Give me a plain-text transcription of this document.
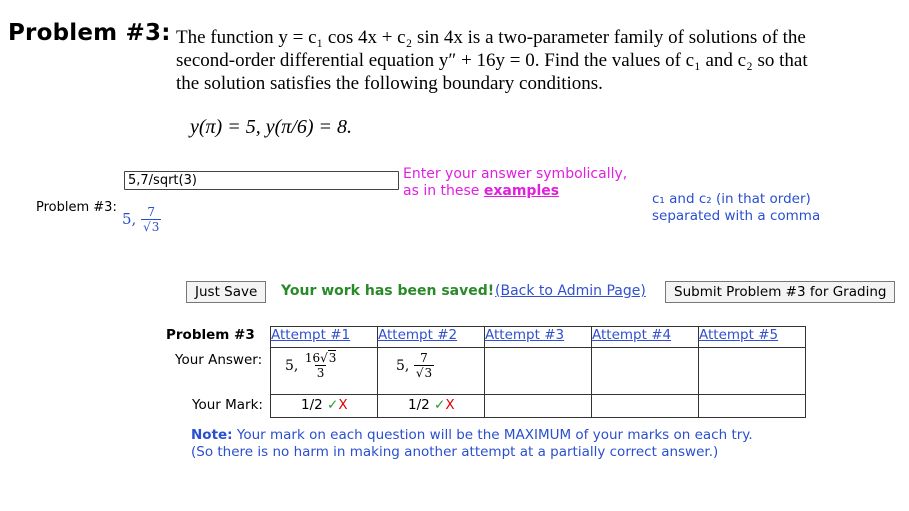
Problem #3: The function y = c₁ cos 4x + c₂ sin 4x is a two-parameter family of solutions of the

second-order differential equation y″ + 16y = 0. Find the values of c₁ and c₂ so that

the solution satisfies the following boundary conditions.

y(π) = 5, y(π/6) = 8.
Problem #3:
5,7/sqrt(3)
Enter your answer symbolically,
as in these examples	c₁ and c₂ (in that order)
separated with a comma
5, $\frac{7}{√3}$
Just Save	Your work has been saved! (Back to Admin Page)	Submit Problem #3 for Grading
Problem #3	Attempt #1	Attempt #2	Attempt #3	Attempt #4	Attempt #5
Your Answer:	5, $\frac{16√3}{3}$	5, $\frac{7}{√3}$

Your Mark:	1/2 ✓X	1/2 ✓X			
Note: Your mark on each question will be the MAXIMUM of your marks on each try.
(So there is no harm in making another attempt at a partially correct answer.)
